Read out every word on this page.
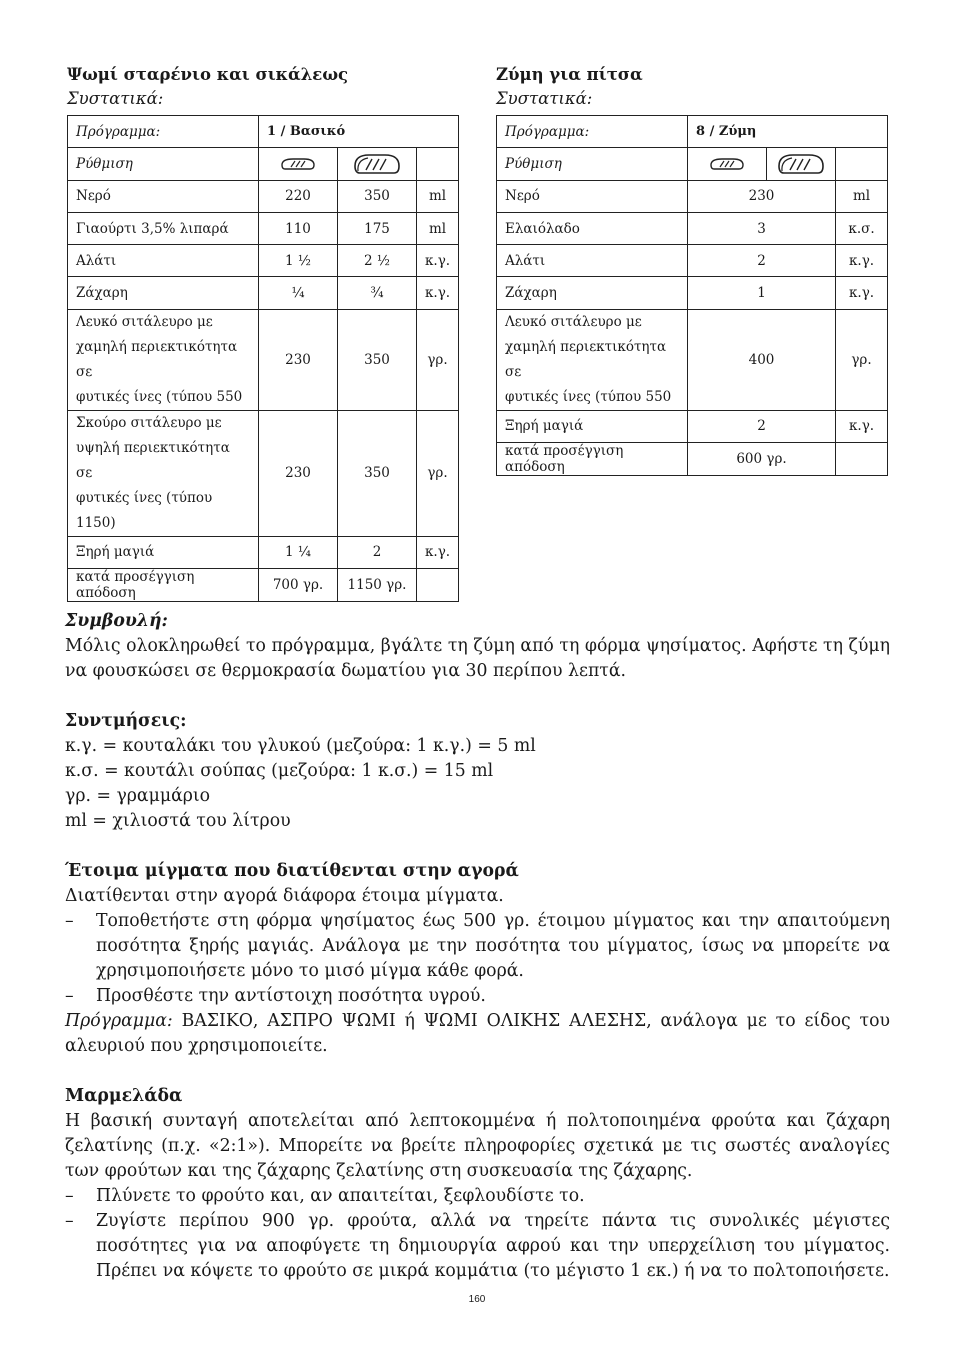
Ψωμί σταρένιο και σικάλεως
Συστατικά:
Πρόγραμμα:	1 / Βασικό		
Ρύθμιση			
Νερό	220	350	ml
Γιαούρτι 3,5% λιπαρά	110	175	ml
Αλάτι	1 ½	2 ½	κ.γ.
Ζάχαρη	¼	¾	κ.γ.
Λευκό σιτάλευρο με
χαμηλή περιεκτικότητα σε
φυτικές ίνες (τύπου 550	230	350	γρ.
Σκούρο σιτάλευρο με
υψηλή περιεκτικότητα σε
φυτικές ίνες (τύπου 1150)	230	350	γρ.
Ξηρή μαγιά	1 ¼	2	κ.γ.
κατά προσέγγιση απόδοση	700 γρ.	1150 γρ.	
Ζύμη για πίτσα
Συστατικά:
Πρόγραμμα:	8 / Ζύμη		
Ρύθμιση			
Νερό	230		ml
Ελαιόλαδο	3		κ.σ.
Αλάτι	2		κ.γ.
Ζάχαρη	1		κ.γ.
Λευκό σιτάλευρο με
χαμηλή περιεκτικότητα σε
φυτικές ίνες (τύπου 550	400		γρ.
Ξηρή μαγιά	2		κ.γ.
κατά προσέγγιση απόδοση	600 γρ.		
Συμβουλή:

Μόλις ολοκληρωθεί το πρόγραμμα, βγάλτε τη ζύμη από τη φόρμα ψησίματος. Αφήστε τη ζύμη να φουσκώσει σε θερμοκρασία δωματίου για 30 περίπου λεπτά.

Συντμήσεις:

κ.γ. = κουταλάκι του γλυκού (μεζούρα: 1 κ.γ.) = 5 ml

κ.σ. = κουτάλι σούπας (μεζούρα: 1 κ.σ.) = 15 ml

γρ. = γραμμάριο

ml = χιλιοστά του λίτρου

Έτοιμα μίγματα που διατίθενται στην αγορά

Διατίθενται στην αγορά διάφορα έτοιμα μίγματα.

– Τοποθετήστε στη φόρμα ψησίματος έως 500 γρ. έτοιμου μίγματος και την απαιτούμενη ποσότητα ξηρής μαγιάς. Ανάλογα με την ποσότητα του μίγματος, ίσως να μπορείτε να χρησιμοποιήσετε μόνο το μισό μίγμα κάθε φορά.

– Προσθέστε την αντίστοιχη ποσότητα υγρού.

Πρόγραμμα: ΒΑΣΙΚΟ, ΑΣΠΡΟ ΨΩΜΙ ή ΨΩΜΙ ΟΛΙΚΗΣ ΑΛΕΣΗΣ, ανάλογα με το είδος του αλευριού που χρησιμοποιείτε.

Μαρμελάδα

Η βασική συνταγή αποτελείται από λεπτοκομμένα ή πολτοποιημένα φρούτα και ζάχαρη ζελατίνης (π.χ. «2:1»). Μπορείτε να βρείτε πληροφορίες σχετικά με τις σωστές αναλογίες των φρούτων και της ζάχαρης ζελατίνης στη συσκευασία της ζάχαρης.

– Πλύνετε το φρούτο και, αν απαιτείται, ξεφλουδίστε το.

– Ζυγίστε περίπου 900 γρ. φρούτα, αλλά να τηρείτε πάντα τις συνολικές μέγιστες ποσότητες για να αποφύγετε τη δημιουργία αφρού και την υπερχείλιση του μίγματος. Πρέπει να κόψετε το φρούτο σε μικρά κομμάτια (το μέγιστο 1 εκ.) ή να το πολτοποιήσετε.

160
